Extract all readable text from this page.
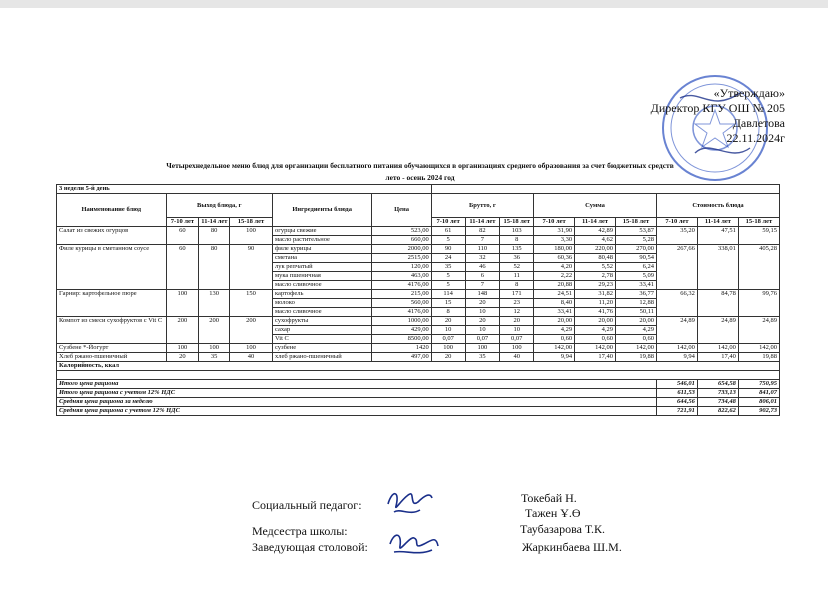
«Утверждаю»
Директор КГУ ОШ № 205
Давлетова
22.11.2024г
Четырехнедельное меню блюд для организации бесплатного питания обучающихся в организациях среднего образования за счет бюджетных средств
лето - осень 2024 год
3 недели 5-й день														
Наименование блюд	Выход блюда, г			Ингредиенты блюда	Цена	Брутто, г			Сумма			Стоимость блюда		
	7-10 лет	11-14 лет	15-18 лет			7-10 лет	11-14 лет	15-18 лет	7-10 лет	11-14 лет	15-18 лет	7-10 лет	11-14 лет	15-18 лет
Салат из свежих огурцов	60	80	100	огурцы свежие	523,00	61	82	103	31,90	42,89	53,87	35,20	47,51	59,15
				масло растительное	660,00	5	7	8	3,30	4,62	5,28			
Филе курицы в сметанном соусе	60	80	90	филе курицы	2000,00	90	110	135	180,00	220,00	270,00	267,66	338,01	405,28
				сметана	2515,00	24	32	36	60,36	80,48	90,54			
				лук репчатый	120,00	35	46	52	4,20	5,52	6,24			
				мука пшеничная	463,00	5	6	11	2,22	2,78	5,09			
				масло сливочное	4176,00	5	7	8	20,88	29,23	33,41			
Гарнир: картофельное пюре	100	130	150	картофель	215,00	114	148	171	24,51	31,82	36,77	66,32	84,78	99,76
				молоко	560,00	15	20	23	8,40	11,20	12,88			
				масло сливочное	4176,00	8	10	12	33,41	41,76	50,11			
Компот из смеси сухофруктов с Vit C	200	200	200	сухофрукты	1000,00	20	20	20	20,00	20,00	20,00	24,89	24,89	24,89
				сахар	429,00	10	10	10	4,29	4,29	4,29			
				Vit C	8500,00	0,07	0,07	0,07	0,60	0,60	0,60			
Сузбене *-Йогурт	100	100	100	сузбене	1420	100	100	100	142,00	142,00	142,00	142,00	142,00	142,00
Хлеб ржано-пшеничный	20	35	40	хлеб ржано-пшеничный	497,00	20	35	40	9,94	17,40	19,88	9,94	17,40	19,88
Калорийность, ккал														

Итого цена рациона												546,01	654,58	750,95
Итого цена рациона с учетом 12% НДС												611,53	733,13	841,07
Средняя цена рациона за неделю												644,56	734,48	806,01
Средняя цена рациона с учетом 12% НДС												721,91	822,62	902,73
Социальный педагог:	Токебай Н.
Тажен Ұ.Ө
Медсестра школы:	Таубазарова Т.К.
Заведующая столовой:	Жаркинбаева Ш.М.
